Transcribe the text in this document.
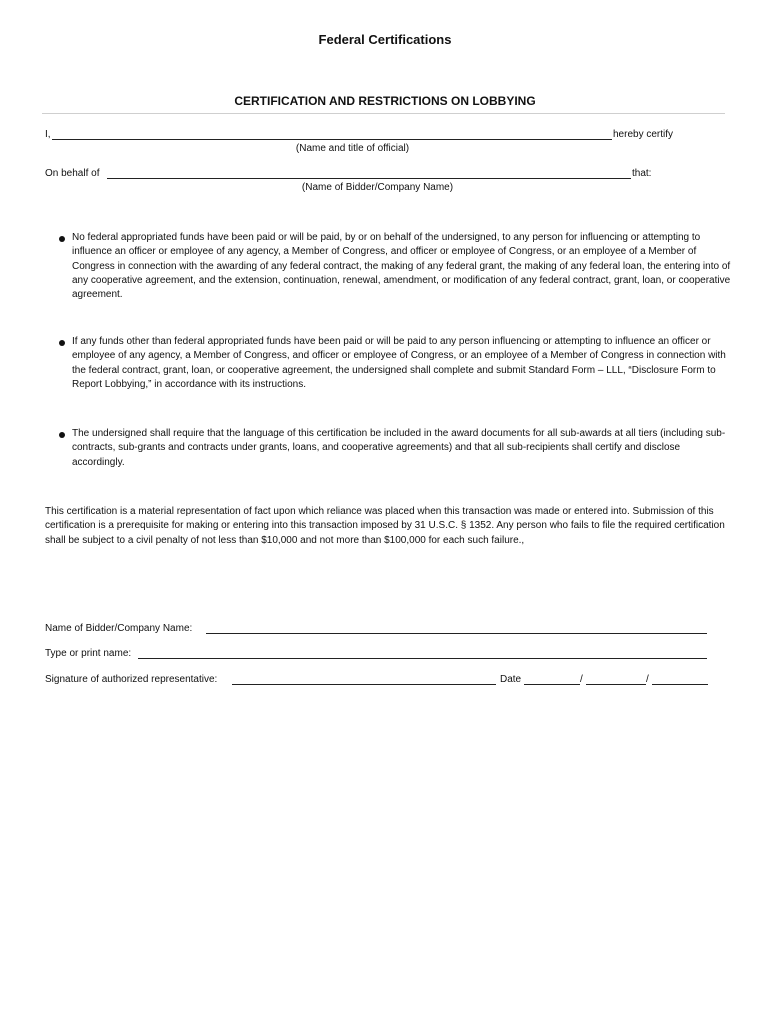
Federal Certifications
CERTIFICATION AND RESTRICTIONS ON LOBBYING
I,	hereby certify
(Name and title of official)
On behalf of	that:
(Name of Bidder/Company Name)
No federal appropriated funds have been paid or will be paid, by or on behalf of the undersigned, to any person for influencing or attempting to influence an officer or employee of any agency, a Member of Congress, and officer or employee of Congress, or an employee of a Member of Congress in connection with the awarding of any federal contract, the making of any federal grant, the making of any federal loan, the entering into of any cooperative agreement, and the extension, continuation, renewal, amendment, or modification of any federal contract, grant, loan, or cooperative agreement.
If any funds other than federal appropriated funds have been paid or will be paid to any person influencing or attempting to influence an officer or employee of any agency, a Member of Congress, and officer or employee of Congress, or an employee of a Member of Congress in connection with the federal contract, grant, loan, or cooperative agreement, the undersigned shall complete and submit Standard Form – LLL, “Disclosure Form to Report Lobbying,” in accordance with its instructions.
The undersigned shall require that the language of this certification be included in the award documents for all sub-awards at all tiers (including sub-contracts, sub-grants and contracts under grants, loans, and cooperative agreements) and that all sub-recipients shall certify and disclose accordingly.
This certification is a material representation of fact upon which reliance was placed when this transaction was made or entered into. Submission of this certification is a prerequisite for making or entering into this transaction imposed by 31 U.S.C. § 1352. Any person who fails to file the required certification shall be subject to a civil penalty of not less than $10,000 and not more than $100,000 for each such failure.,
Name of Bidder/Company Name:
Type or print name:
Signature of authorized representative:	Date	/	/
